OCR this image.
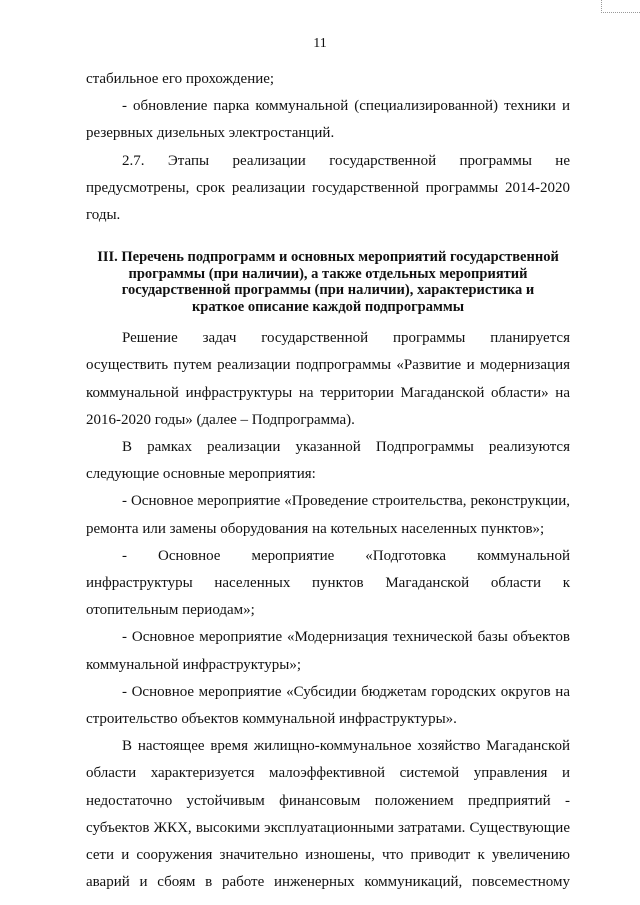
11

стабильное его прохождение;

- обновление парка коммунальной (специализированной) техники и резервных дизельных электростанций.

2.7. Этапы реализации государственной программы не предусмотрены, срок реализации государственной программы 2014-2020 годы.

III. Перечень подпрограмм и основных мероприятий государственной
программы (при наличии), а также отдельных мероприятий
государственной программы (при наличии), характеристика и
краткое описание каждой подпрограммы

Решение задач государственной программы планируется осуществить путем реализации подпрограммы «Развитие и модернизация коммунальной инфраструктуры на территории Магаданской области» на 2016-2020 годы» (далее – Подпрограмма).

В рамках реализации указанной Подпрограммы реализуются следующие основные мероприятия:

- Основное мероприятие «Проведение строительства, реконструкции, ремонта или замены оборудования на котельных населенных пунктов»;

- Основное мероприятие «Подготовка коммунальной инфраструктуры населенных пунктов Магаданской области к отопительным периодам»;

- Основное мероприятие «Модернизация технической базы объектов коммунальной инфраструктуры»;

- Основное мероприятие «Субсидии бюджетам городских округов на строительство объектов коммунальной инфраструктуры».

В настоящее время жилищно-коммунальное хозяйство Магаданской области характеризуется малоэффективной системой управления и недостаточно устойчивым финансовым положением предприятий - субъектов ЖКХ, высокими эксплуатационными затратами. Существующие сети и сооружения значительно изношены, что приводит к увеличению аварий и сбоям в работе инженерных коммуникаций, повсеместному
